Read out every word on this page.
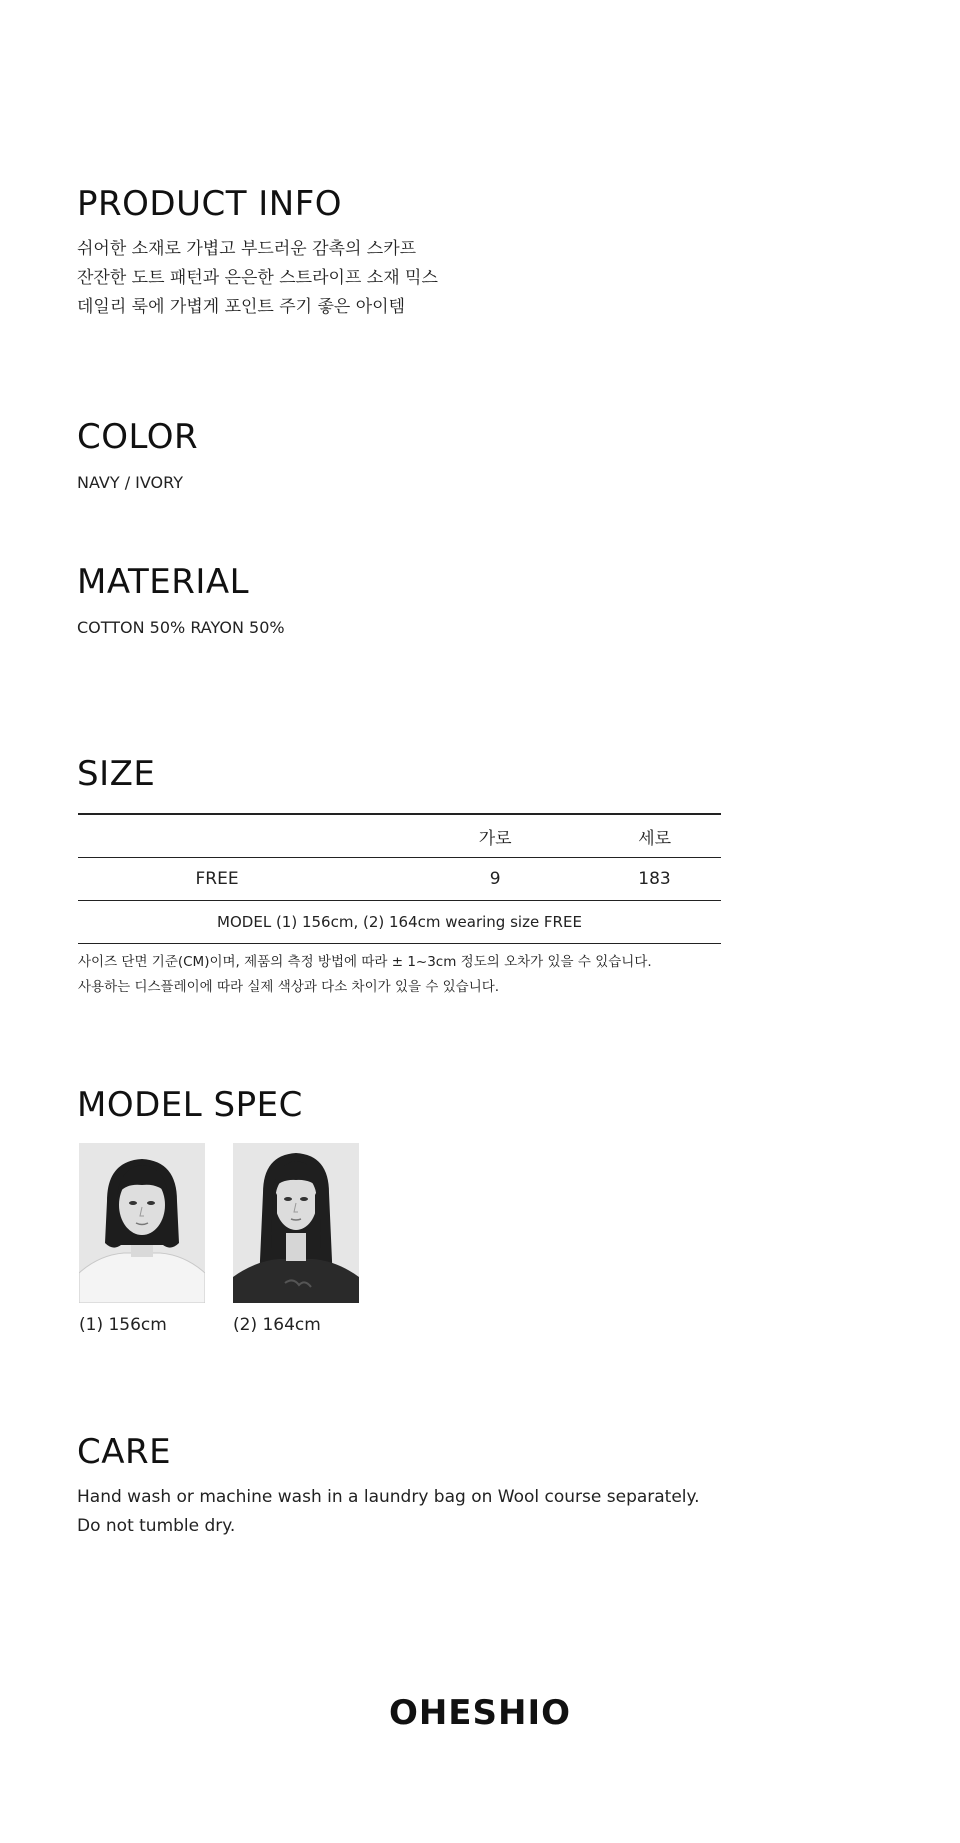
PRODUCT INFO
쉬어한 소재로 가볍고 부드러운 감촉의 스카프
잔잔한 도트 패턴과 은은한 스트라이프 소재 믹스
데일리 룩에 가볍게 포인트 주기 좋은 아이템
COLOR
NAVY / IVORY
MATERIAL
COTTON 50% RAYON 50%
SIZE
	가로	세로
FREE	9	183
MODEL (1) 156cm, (2) 164cm wearing size FREE		
사이즈 단면 기준(CM)이며, 제품의 측정 방법에 따라 ± 1~3cm 정도의 오차가 있을 수 있습니다.
사용하는 디스플레이에 따라 실제 색상과 다소 차이가 있을 수 있습니다.
MODEL SPEC
(1) 156cm	(2) 164cm
CARE
Hand wash or machine wash in a laundry bag on Wool course separately.
Do not tumble dry.
OHESHIO
